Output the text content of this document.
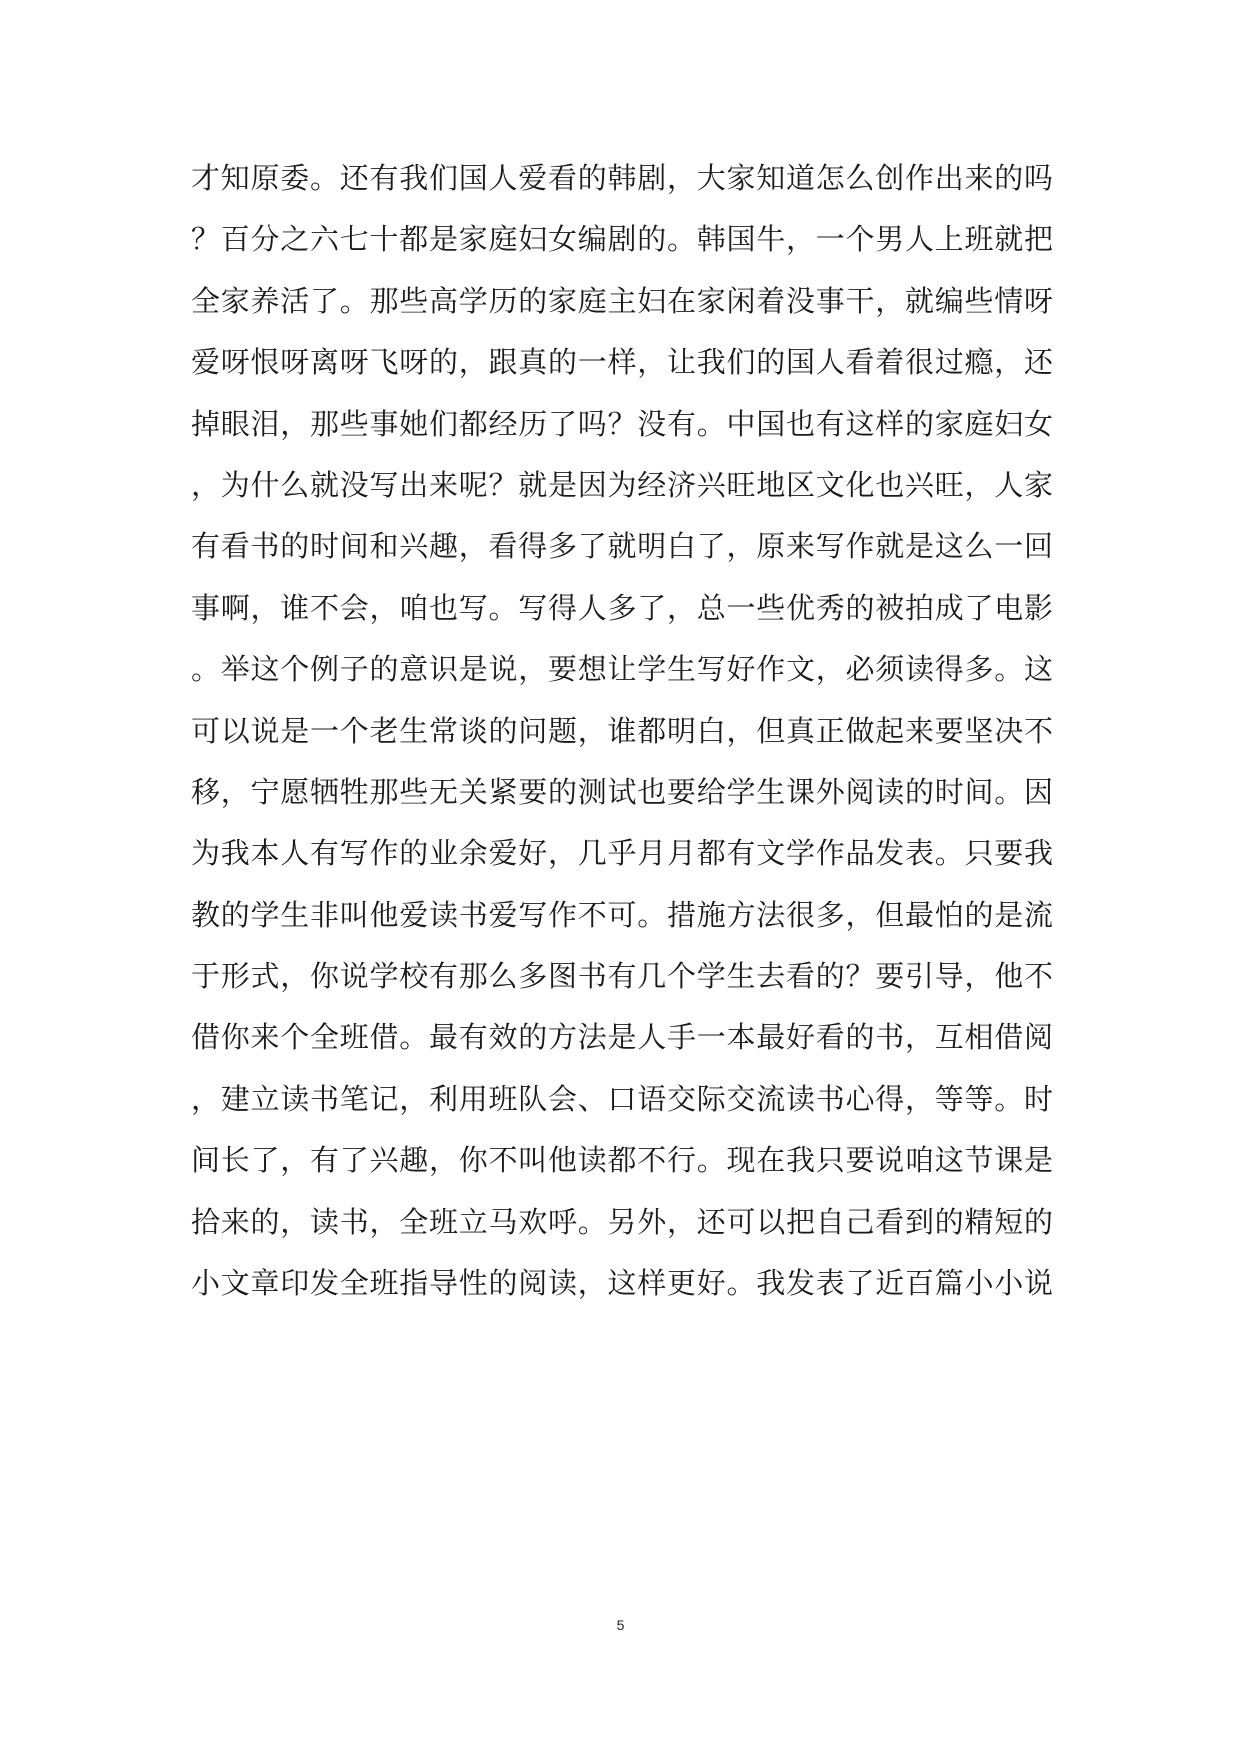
才知原委。还有我们国人爱看的韩剧，大家知道怎么创作出来的吗
？百分之六七十都是家庭妇女编剧的。韩国牛，一个男人上班就把
全家养活了。那些高学历的家庭主妇在家闲着没事干，就编些情呀
爱呀恨呀离呀飞呀的，跟真的一样，让我们的国人看着很过瘾，还
掉眼泪，那些事她们都经历了吗？没有。中国也有这样的家庭妇女
，为什么就没写出来呢？就是因为经济兴旺地区文化也兴旺，人家
有看书的时间和兴趣，看得多了就明白了，原来写作就是这么一回
事啊，谁不会，咱也写。写得人多了，总一些优秀的被拍成了电影
。举这个例子的意识是说，要想让学生写好作文，必须读得多。这
可以说是一个老生常谈的问题，谁都明白，但真正做起来要坚决不
移，宁愿牺牲那些无关紧要的测试也要给学生课外阅读的时间。因
为我本人有写作的业余爱好，几乎月月都有文学作品发表。只要我
教的学生非叫他爱读书爱写作不可。措施方法很多，但最怕的是流
于形式，你说学校有那么多图书有几个学生去看的？要引导，他不
借你来个全班借。最有效的方法是人手一本最好看的书，互相借阅
，建立读书笔记，利用班队会、口语交际交流读书心得，等等。时
间长了，有了兴趣，你不叫他读都不行。现在我只要说咱这节课是
拾来的，读书，全班立马欢呼。另外，还可以把自己看到的精短的
小文章印发全班指导性的阅读，这样更好。我发表了近百篇小小说
5
